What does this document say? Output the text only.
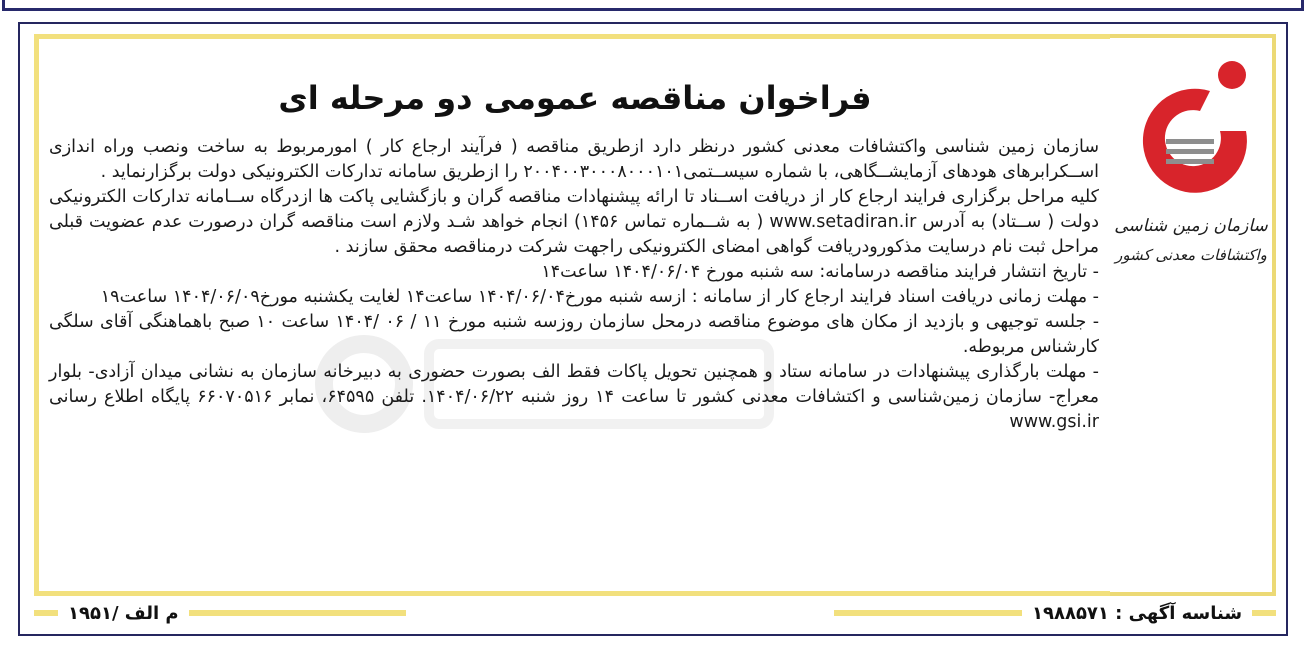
فراخوان مناقصه عمومی دو مرحله ای

سازمان زمین شناسی واکتشافات معدنی کشور درنظر دارد ازطریق مناقصه ( فرآیند ارجاع کار ) امورمربوط به ساخت ونصب وراه اندازی اســکرابرهای هودهای آزمایشــگاهی، با شماره سیســتمی۲۰۰۴۰۰۳۰۰۰۸۰۰۰۱۰۱ را ازطریق سامانه تدارکات الکترونیکی دولت برگزارنماید .

کلیه مراحل برگزاری فرایند ارجاع کار از دریافت اســناد تا ارائه پیشنهادات مناقصه گران و بازگشایی پاکت ها ازدرگاه ســامانه تدارکات الکترونیکی دولت ( ســتاد) به آدرس www.setadiran.ir ( به شــماره تماس ۱۴۵۶) انجام خواهد شـد ولازم است مناقصه گران درصورت عدم عضویت قبلی مراحل ثبت نام درسایت مذکورودریافت گواهی امضای الکترونیکی راجهت شرکت درمناقصه محقق سازند .

- تاریخ انتشار فرایند مناقصه درسامانه: سه شنبه مورخ ۱۴۰۴/۰۶/۰۴ ساعت۱۴

- مهلت زمانی دریافت اسناد فرایند ارجاع کار از سامانه : ازسه شنبه مورخ۱۴۰۴/۰۶/۰۴ ساعت۱۴ لغایت یکشنبه مورخ۱۴۰۴/۰۶/۰۹ ساعت۱۹

- جلسه توجیهی و بازدید از مکان های موضوع مناقصه درمحل سازمان روزسه شنبه مورخ ۱۱ / ۰۶ /۱۴۰۴ ساعت ۱۰ صبح باهماهنگی آقای سلگی کارشناس مربوطه.

- مهلت بارگذاری پیشنهادات در سامانه ستاد و همچنین تحویل پاکات فقط الف بصورت حضوری به دبیرخانه سازمان به نشانی میدان آزادی- بلوار معراج- سازمان زمین‌شناسی و اکتشافات معدنی کشور تا ساعت ۱۴ روز شنبه ۱۴۰۴/۰۶/۲۲. تلفن ۶۴۵۹۵، نمابر ۶۶۰۷۰۵۱۶ پایگاه اطلاع رسانی www.gsi.ir

سازمان زمین شناسی
واکتشافات معدنی کشور
شناسه آگهی : ۱۹۸۸۵۷۱
م الف /۱۹۵۱
